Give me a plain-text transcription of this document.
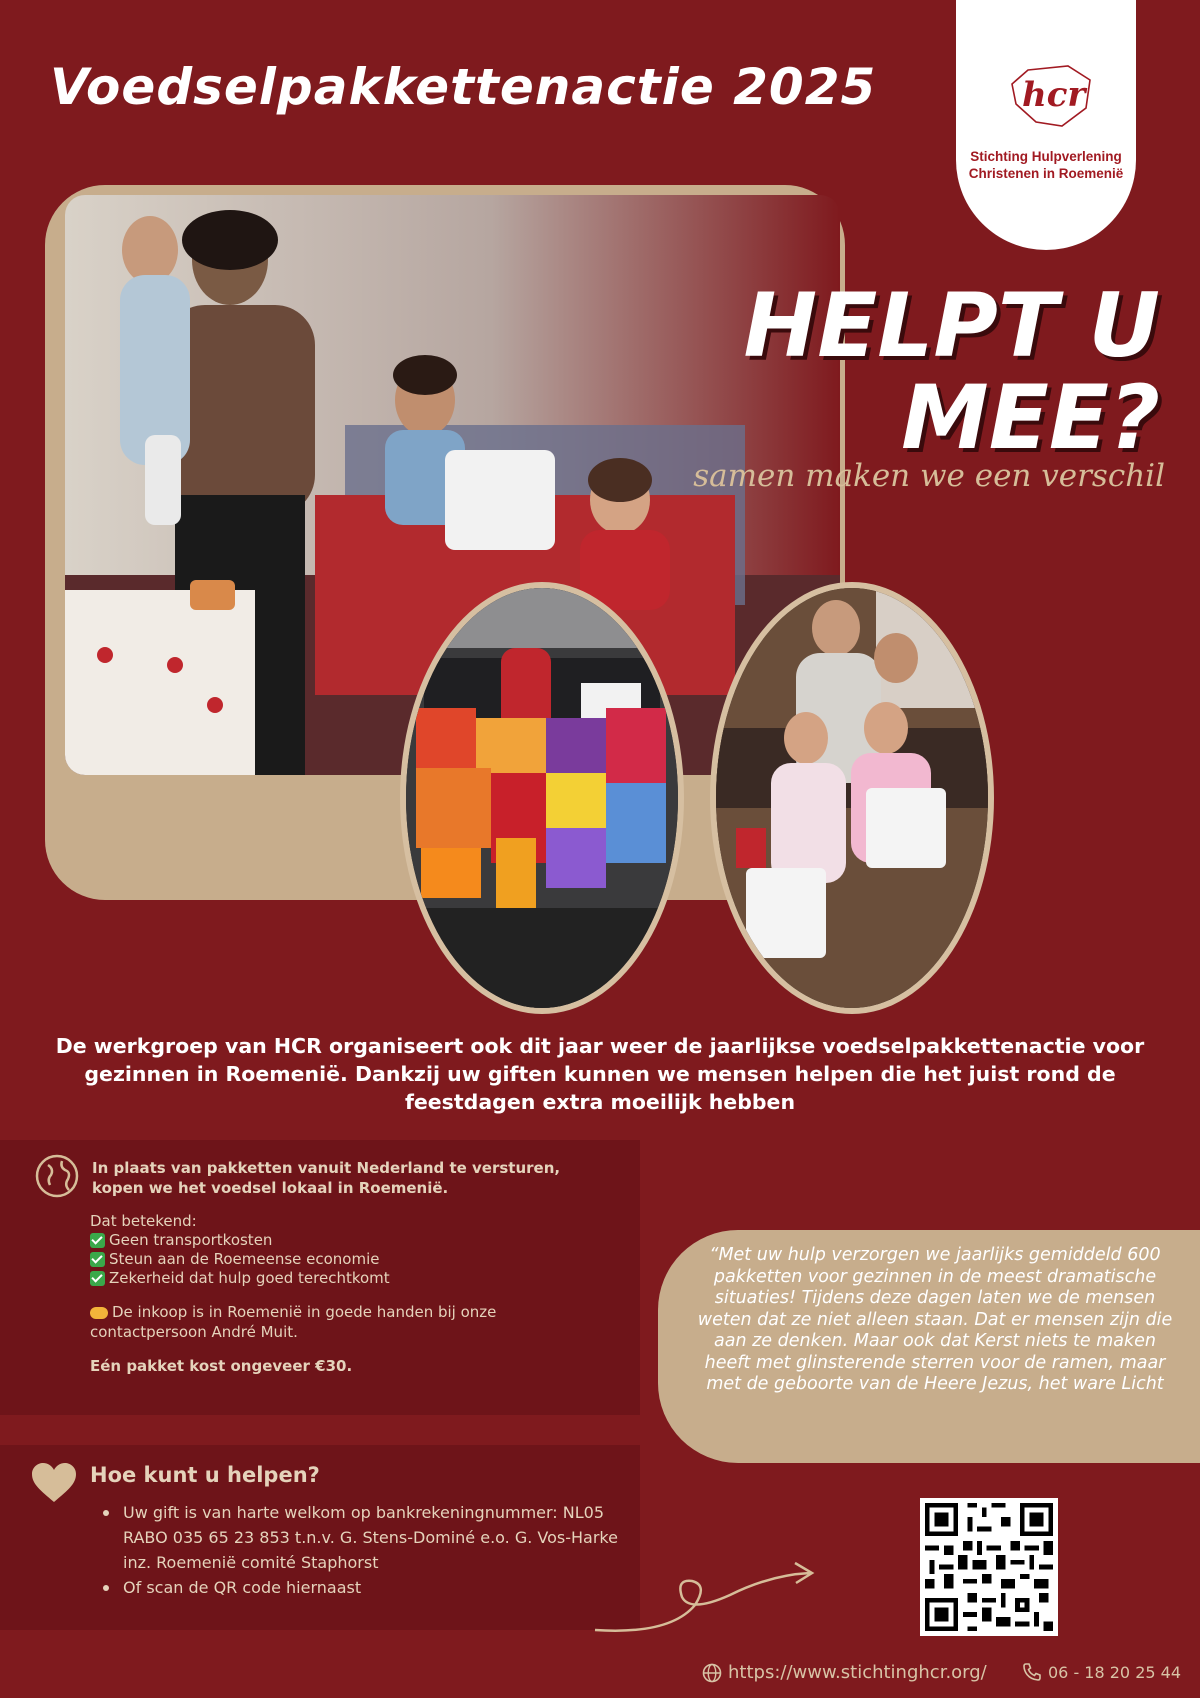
Voedselpakkettenactie 2025	hcr
Stichting Hulpverlening
Christenen in Roemenië
HELPT U
MEE?
samen maken we een verschil
De werkgroep van HCR organiseert ook dit jaar weer de jaarlijkse voedselpakkettenactie voor gezinnen in Roemenië. Dankzij uw giften kunnen we mensen helpen die het juist rond de feestdagen extra moeilijk hebben
In plaats van pakketten vanuit Nederland te versturen, kopen we het voedsel lokaal in Roemenië.
Dat betekend:
Geen transportkosten
Steun aan de Roemeense economie
Zekerheid dat hulp goed terechtkomt
De inkoop is in Roemenië in goede handen bij onze contactpersoon André Muit.
Eén pakket kost ongeveer €30.
“Met uw hulp verzorgen we jaarlijks gemiddeld 600 pakketten voor gezinnen in de meest dramatische situaties! Tijdens deze dagen laten we de mensen weten dat ze niet alleen staan. Dat er mensen zijn die aan ze denken. Maar ook dat Kerst niets te maken heeft met glinsterende sterren voor de ramen, maar met de geboorte van de Heere Jezus, het ware Licht
Hoe kunt u helpen?
Uw gift is van harte welkom op bankrekeningnummer: NL05 RABO 035 65 23 853 t.n.v. G. Stens-Dominé e.o. G. Vos-Harke inz. Roemenië comité Staphorst
Of scan de QR code hiernaast
https://www.stichtinghcr.org/	06 - 18 20 25 44
